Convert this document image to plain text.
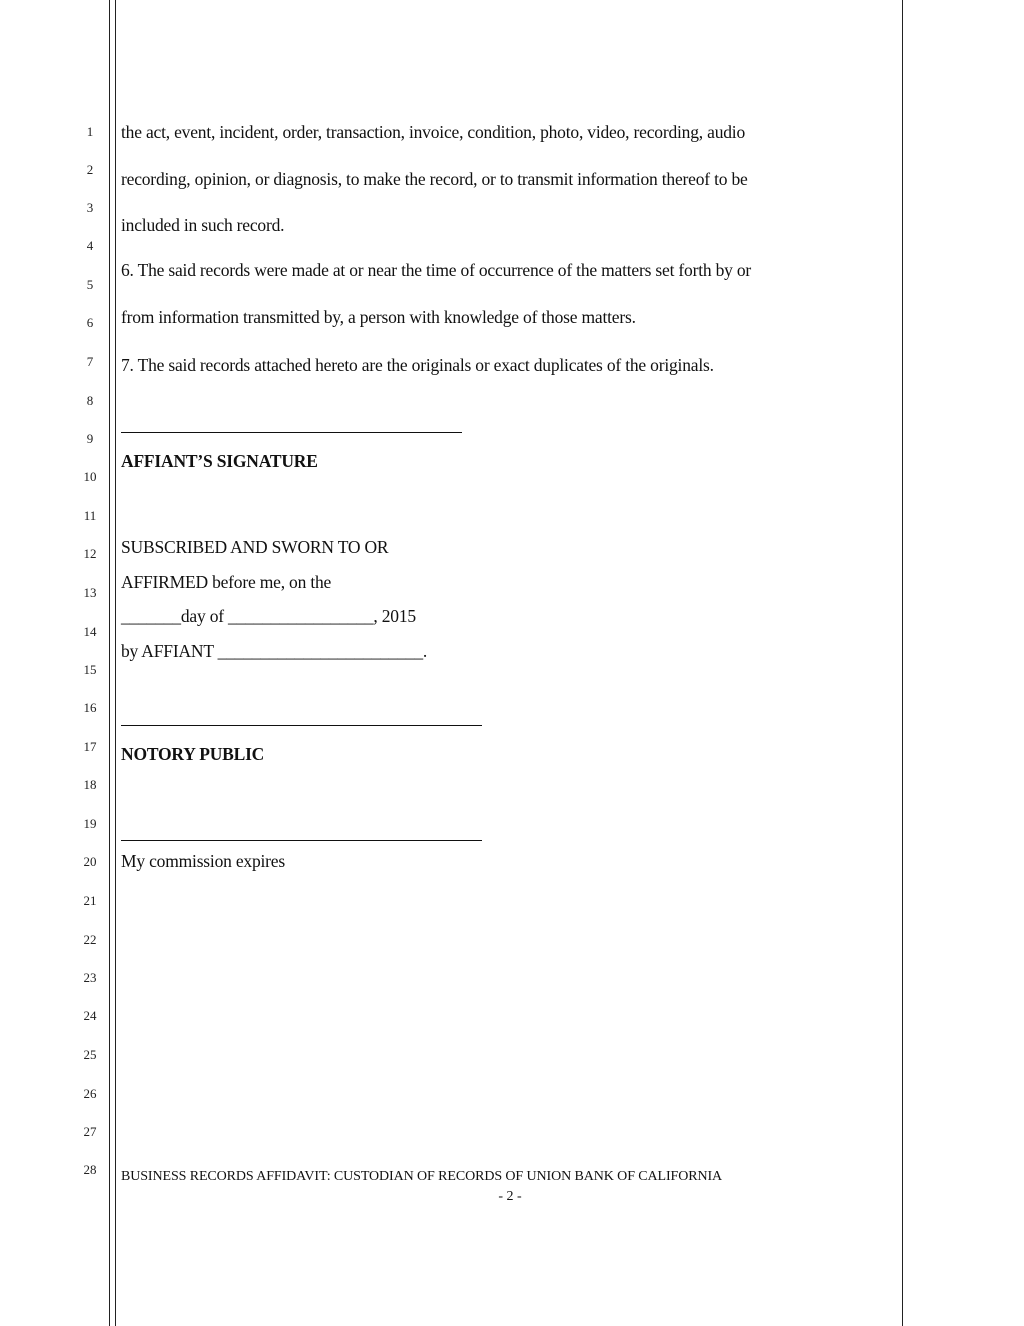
1
2
3
4
5
6
7
8
9
10
11
12
13
14
15
16
17
18
19
20
21
22
23
24
25
26
27
28
the act, event, incident, order, transaction, invoice, condition, photo, video, recording, audio
recording, opinion, or diagnosis, to make the record, or to transmit information thereof to be
included in such record.
6. The said records were made at or near the time of occurrence of the matters set forth by or
from information transmitted by, a person with knowledge of those matters.
7. The said records attached hereto are the originals or exact duplicates of the originals.
AFFIANT’S SIGNATURE
SUBSCRIBED AND SWORN TO OR
AFFIRMED before me, on the
_______day of _________________, 2015
by AFFIANT ________________________.
NOTORY PUBLIC
My commission expires
BUSINESS RECORDS AFFIDAVIT: CUSTODIAN OF RECORDS OF UNION BANK OF CALIFORNIA
- 2 -
